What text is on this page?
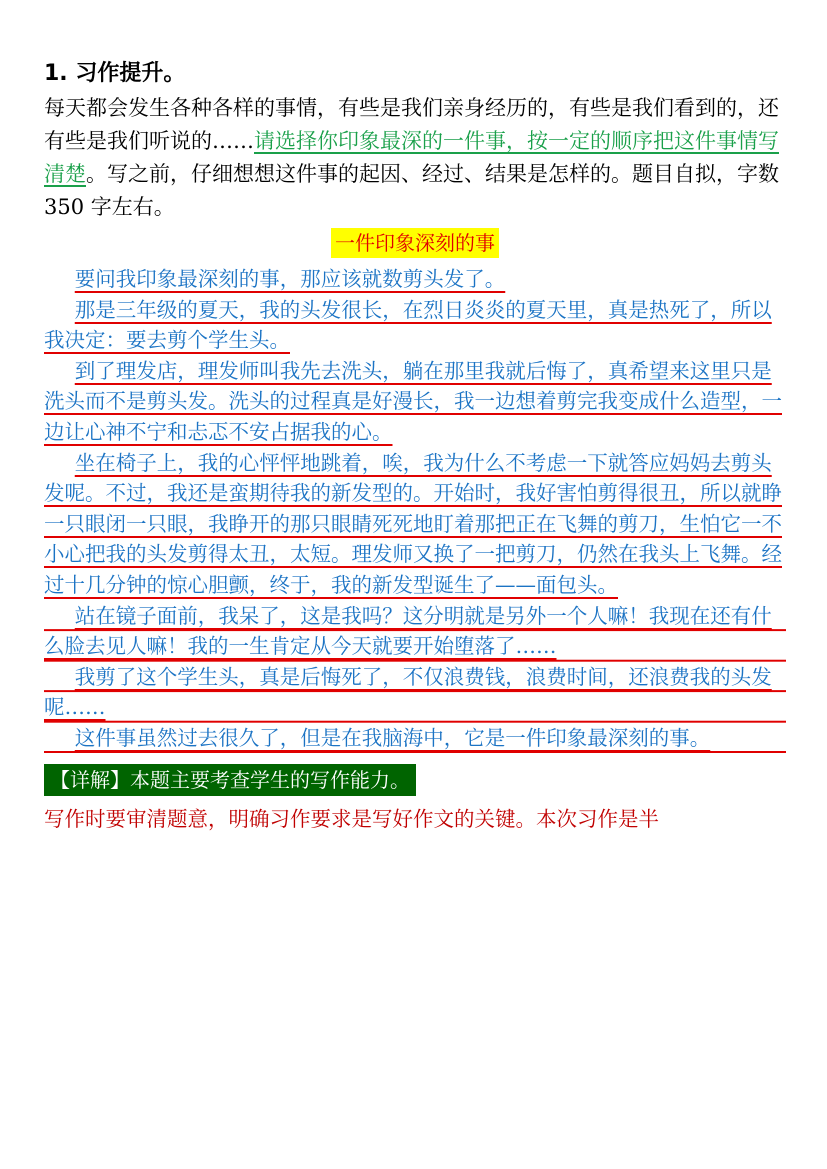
1. 习作提升。
每天都会发生各种各样的事情，有些是我们亲身经历的，有些是我们看到的，还有些是我们听说的……请选择你印象最深的一件事，按一定的顺序把这件事情写清楚。写之前，仔细想想这件事的起因、经过、结果是怎样的。题目自拟，字数 350 字左右。
一件印象深刻的事

要问我印象最深刻的事，那应该就数剪头发了。

那是三年级的夏天，我的头发很长，在烈日炎炎的夏天里，真是热死了，所以我决定：要去剪个学生头。

到了理发店，理发师叫我先去洗头，躺在那里我就后悔了，真希望来这里只是洗头而不是剪头发。洗头的过程真是好漫长，我一边想着剪完我变成什么造型，一边让心神不宁和忐忑不安占据我的心。

坐在椅子上，我的心怦怦地跳着，唉，我为什么不考虑一下就答应妈妈去剪头发呢。不过，我还是蛮期待我的新发型的。开始时，我好害怕剪得很丑，所以就睁一只眼闭一只眼，我睁开的那只眼睛死死地盯着那把正在飞舞的剪刀，生怕它一不小心把我的头发剪得太丑，太短。理发师又换了一把剪刀，仍然在我头上飞舞。经过十几分钟的惊心胆颤，终于，我的新发型诞生了——面包头。

站在镜子面前，我呆了，这是我吗？这分明就是另外一个人嘛！我现在还有什么脸去见人嘛！我的一生肯定从今天就要开始堕落了……

我剪了这个学生头，真是后悔死了，不仅浪费钱，浪费时间，还浪费我的头发呢……

这件事虽然过去很久了，但是在我脑海中，它是一件印象最深刻的事。

【详解】本题主要考查学生的写作能力。

写作时要审清题意，明确习作要求是写好作文的关键。本次习作是半
